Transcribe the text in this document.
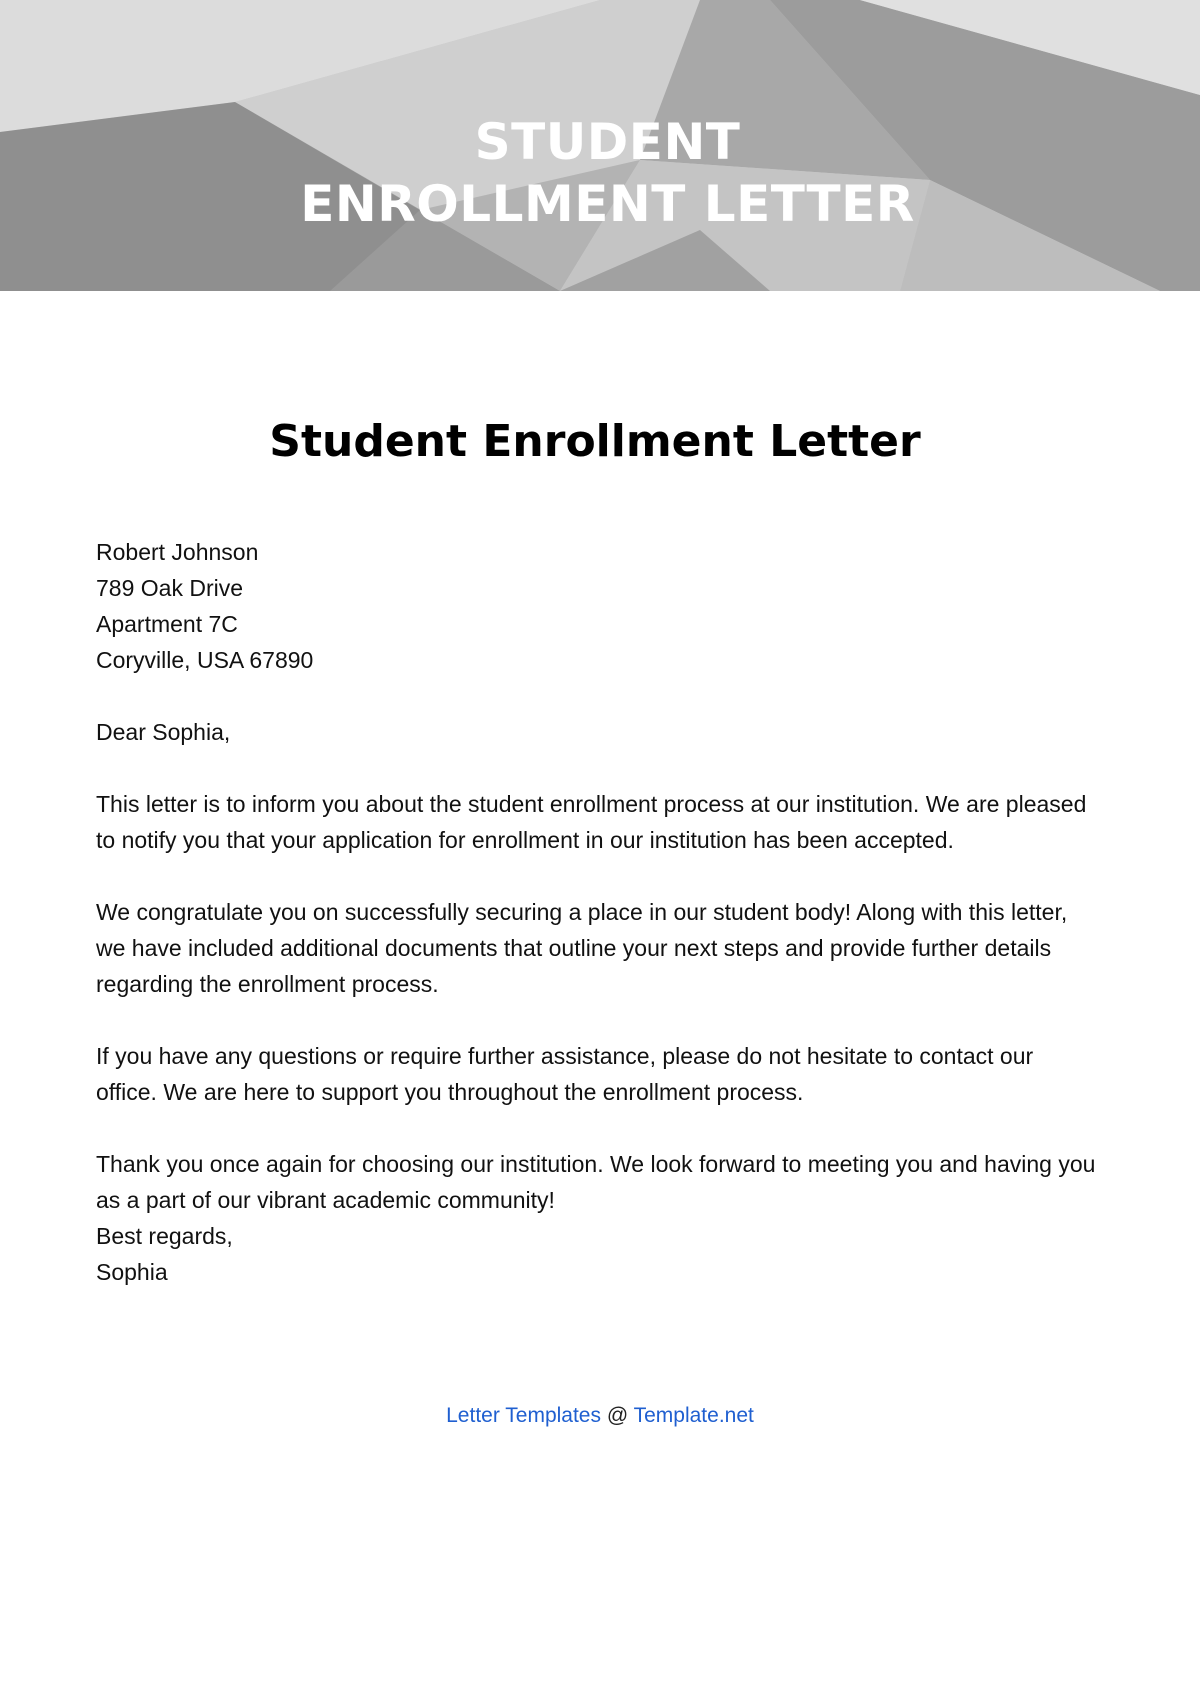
STUDENT
ENROLLMENT LETTER
Student Enrollment Letter

Robert Johnson
789 Oak Drive
Apartment 7C
Coryville, USA 67890

Dear Sophia,

This letter is to inform you about the student enrollment process at our institution. We are pleased to notify you that your application for enrollment in our institution has been accepted.

We congratulate you on successfully securing a place in our student body! Along with this letter, we have included additional documents that outline your next steps and provide further details regarding the enrollment process.

If you have any questions or require further assistance, please do not hesitate to contact our office. We are here to support you throughout the enrollment process.

Thank you once again for choosing our institution. We look forward to meeting you and having you as a part of our vibrant academic community!

Best regards,
Sophia

Letter Templates @ Template.net
